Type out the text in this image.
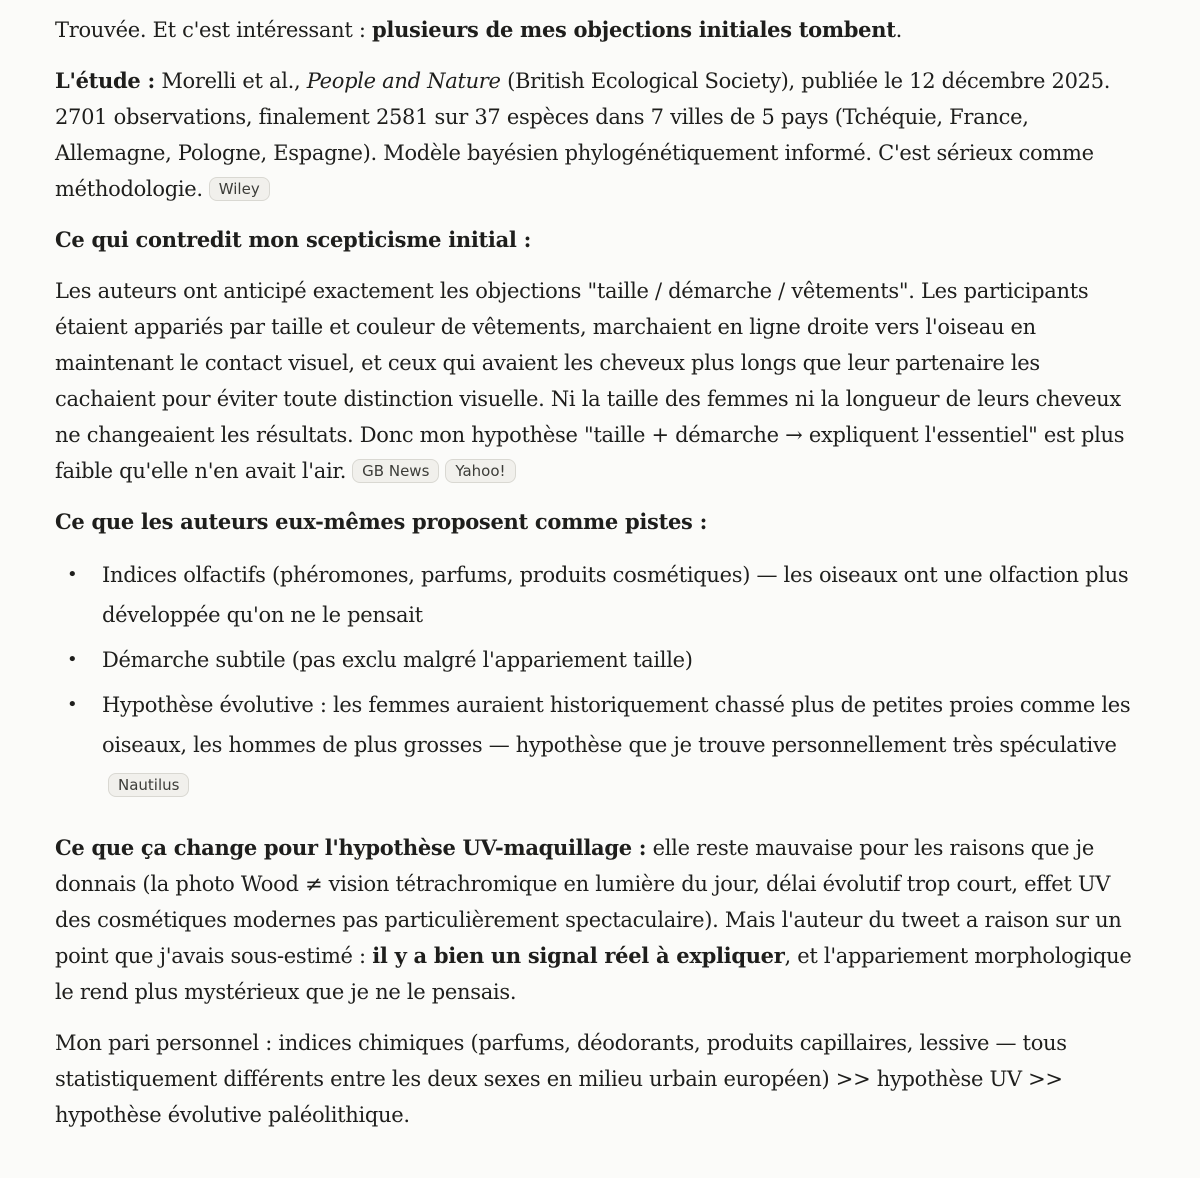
Trouvée. Et c'est intéressant : plusieurs de mes objections initiales tombent.

L'étude : Morelli et al., People and Nature (British Ecological Society), publiée le 12 décembre 2025. 2701 observations, finalement 2581 sur 37 espèces dans 7 villes de 5 pays (Tchéquie, France, Allemagne, Pologne, Espagne). Modèle bayésien phylogénétiquement informé. C'est sérieux comme méthodologie. Wiley

Ce qui contredit mon scepticisme initial :

Les auteurs ont anticipé exactement les objections "taille / démarche / vêtements". Les participants étaient appariés par taille et couleur de vêtements, marchaient en ligne droite vers l'oiseau en maintenant le contact visuel, et ceux qui avaient les cheveux plus longs que leur partenaire les cachaient pour éviter toute distinction visuelle. Ni la taille des femmes ni la longueur de leurs cheveux ne changeaient les résultats. Donc mon hypothèse "taille + démarche → expliquent l'essentiel" est plus faible qu'elle n'en avait l'air. GB News Yahoo!

Ce que les auteurs eux-mêmes proposent comme pistes :

• Indices olfactifs (phéromones, parfums, produits cosmétiques) — les oiseaux ont une olfaction plus développée qu'on ne le pensait
• Démarche subtile (pas exclu malgré l'appariement taille)
• Hypothèse évolutive : les femmes auraient historiquement chassé plus de petites proies comme les oiseaux, les hommes de plus grosses — hypothèse que je trouve personnellement très spéculativeNautilus

Ce que ça change pour l'hypothèse UV-maquillage : elle reste mauvaise pour les raisons que je donnais (la photo Wood ≠ vision tétrachromique en lumière du jour, délai évolutif trop court, effet UV des cosmétiques modernes pas particulièrement spectaculaire). Mais l'auteur du tweet a raison sur un point que j'avais sous-estimé : il y a bien un signal réel à expliquer, et l'appariement morphologique le rend plus mystérieux que je ne le pensais.

Mon pari personnel : indices chimiques (parfums, déodorants, produits capillaires, lessive — tous statistiquement différents entre les deux sexes en milieu urbain européen) >> hypothèse UV >> hypothèse évolutive paléolithique.
